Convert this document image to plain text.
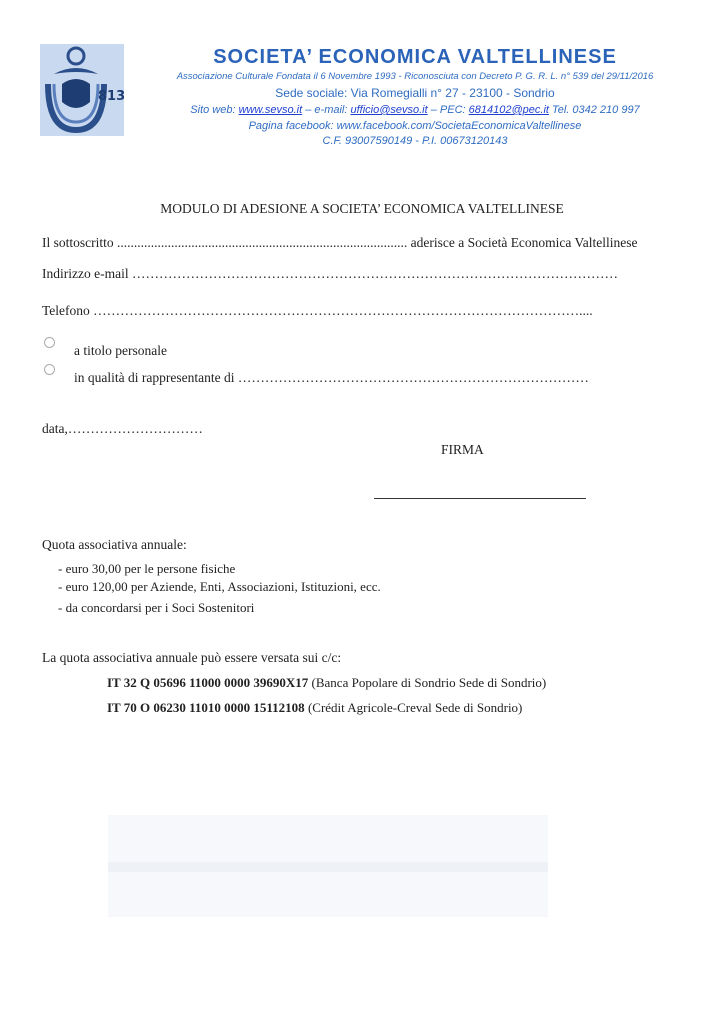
813
SOCIETA’ ECONOMICA VALTELLINESE
Associazione Culturale Fondata il 6 Novembre 1993 - Riconosciuta con Decreto P. G. R. L. n° 539 del 29/11/2016
Sede sociale: Via Romegialli n° 27 - 23100 - Sondrio
Sito web: www.sevso.it – e-mail: ufficio@sevso.it – PEC: 6814102@pec.it Tel. 0342 210 997
Pagina facebook: www.facebook.com/SocietaEconomicaValtellinese
C.F. 93007590149 - P.I. 00673120143
MODULO DI ADESIONE A SOCIETA’ ECONOMICA VALTELLINESE
Il sottoscritto ...................................................................................... aderisce a Società Economica Valtellinese
Indirizzo e-mail ………………………………………………………………………………………………
Telefono ………………………………………………………………………………………………....
a titolo personale
in qualità di rappresentante di ……………………………………………………………………
data,…………………………
FIRMA
Quota associativa annuale:
- euro 30,00 per le persone fisiche
- euro 120,00 per Aziende, Enti, Associazioni, Istituzioni, ecc.
- da concordarsi per i Soci Sostenitori
La quota associativa annuale può essere versata sui c/c:
IT 32 Q 05696 11000 0000 39690X17 (Banca Popolare di Sondrio Sede di Sondrio)
IT 70 O 06230 11010 0000 15112108 (Crédit Agricole-Creval Sede di Sondrio)
